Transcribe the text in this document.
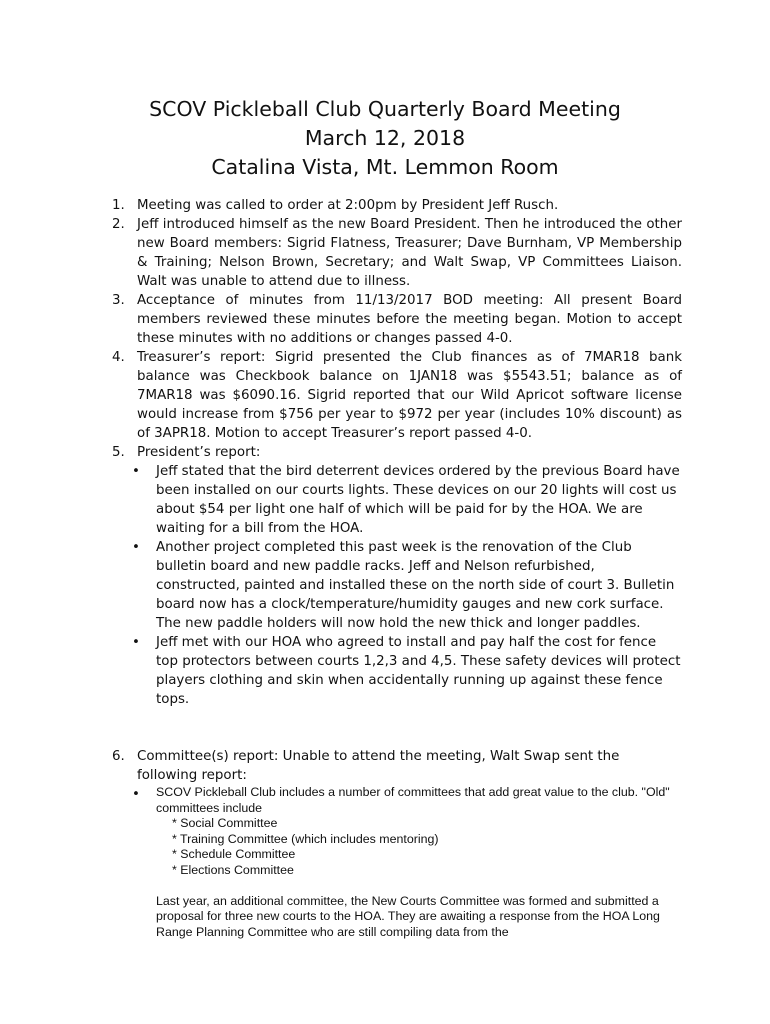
SCOV Pickleball Club Quarterly Board Meeting
March 12, 2018
Catalina Vista, Mt. Lemmon Room
1. Meeting was called to order at 2:00pm by President Jeff Rusch.
2. Jeff introduced himself as the new Board President. Then he introduced the other new Board members: Sigrid Flatness, Treasurer; Dave Burnham, VP Membership & Training; Nelson Brown, Secretary; and Walt Swap, VP Committees Liaison. Walt was unable to attend due to illness.
3. Acceptance of minutes from 11/13/2017 BOD meeting: All present Board members reviewed these minutes before the meeting began. Motion to accept these minutes with no additions or changes passed 4-0.
4. Treasurer’s report: Sigrid presented the Club finances as of 7MAR18 bank balance was Checkbook balance on 1JAN18 was $5543.51; balance as of 7MAR18 was $6090.16. Sigrid reported that our Wild Apricot software license would increase from $756 per year to $972 per year (includes 10% discount) as of 3APR18. Motion to accept Treasurer’s report passed 4-0.
5. President’s report:
•	Jeff stated that the bird deterrent devices ordered by the previous Board have been installed on our courts lights. These devices on our 20 lights will cost us about $54 per light one half of which will be paid for by the HOA. We are waiting for a bill from the HOA.
•	Another project completed this past week is the renovation of the Club bulletin board and new paddle racks. Jeff and Nelson refurbished, constructed, painted and installed these on the north side of court 3. Bulletin board now has a clock/temperature/humidity gauges and new cork surface. The new paddle holders will now hold the new thick and longer paddles.
•	Jeff met with our HOA who agreed to install and pay half the cost for fence top protectors between courts 1,2,3 and 4,5. These safety devices will protect players clothing and skin when accidentally running up against these fence tops.
6. Committee(s) report: Unable to attend the meeting, Walt Swap sent the following report:
•	SCOV Pickleball Club includes a number of committees that add great value to the club. "Old" committees include
* Social Committee
* Training Committee (which includes mentoring)
* Schedule Committee
* Elections Committee
Last year, an additional committee, the New Courts Committee was formed and submitted a proposal for three new courts to the HOA. They are awaiting a response from the HOA Long Range Planning Committee who are still compiling data from the
